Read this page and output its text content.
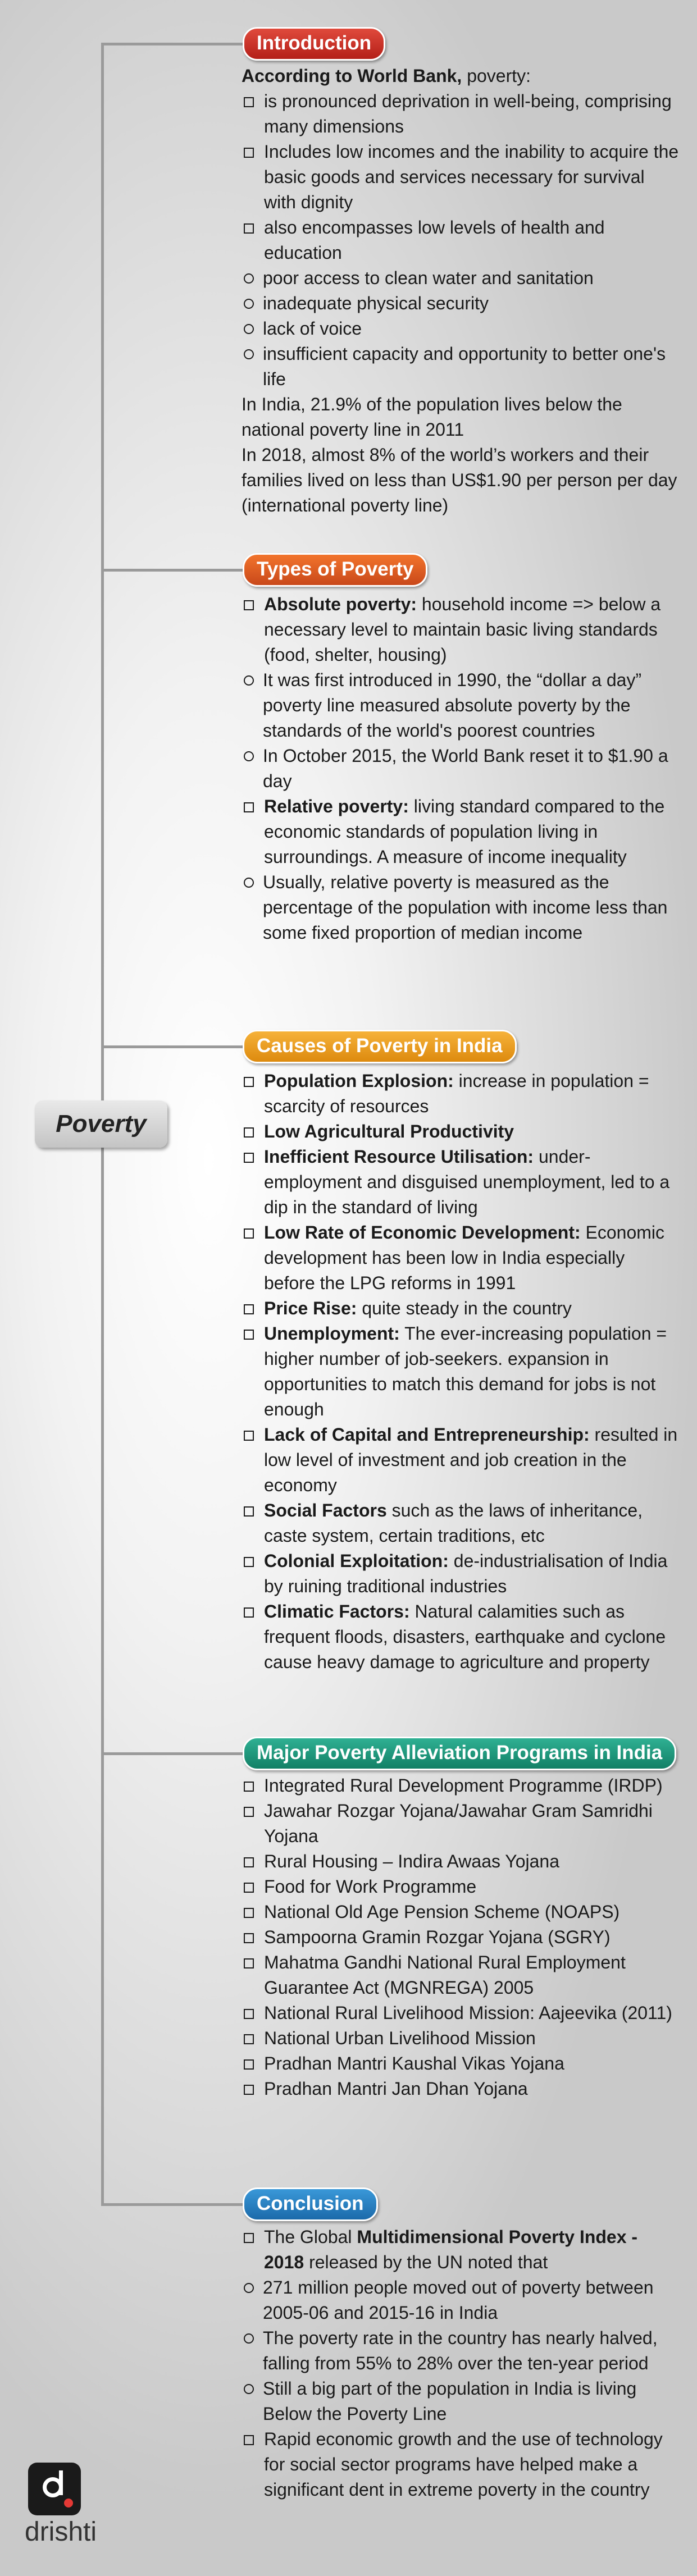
Poverty
Introduction

According to World Bank, poverty:

is pronounced deprivation in well-being, comprising many dimensions

Includes low incomes and the inability to acquire the basic goods and services necessary for survival with dignity

also encompasses low levels of health and education

poor access to clean water and sanitation

inadequate physical security

lack of voice

insufficient capacity and opportunity to better one's life

In India, 21.9% of the population lives below the national poverty line in 2011

In 2018, almost 8% of the world’s workers and their families lived on less than US$1.90 per person per day (international poverty line)

Types of Poverty

Absolute poverty: household income => below a necessary level to maintain basic living standards (food, shelter, housing)

It was first introduced in 1990, the “dollar a day” poverty line measured absolute poverty by the standards of the world's poorest countries

In October 2015, the World Bank reset it to $1.90 a day

Relative poverty: living standard compared to the economic standards of population living in surroundings. A measure of income inequality

Usually, relative poverty is measured as the percentage of the population with income less than some fixed proportion of median income

Causes of Poverty in India

Population Explosion: increase in population = scarcity of resources

Low Agricultural Productivity

Inefficient Resource Utilisation: under-employment and disguised unemployment, led to a dip in the standard of living

Low Rate of Economic Development: Economic development has been low in India especially before the LPG reforms in 1991

Price Rise: quite steady in the country

Unemployment: The ever-increasing population = higher number of job-seekers. expansion in opportunities to match this demand for jobs is not enough

Lack of Capital and Entrepreneurship: resulted in low level of investment and job creation in the economy

Social Factors such as the laws of inheritance, caste system, certain traditions, etc

Colonial Exploitation: de-industrialisation of India by ruining traditional industries

Climatic Factors: Natural calamities such as frequent floods, disasters, earthquake and cyclone cause heavy damage to agriculture and property

Major Poverty Alleviation Programs in India

Integrated Rural Development Programme (IRDP)

Jawahar Rozgar Yojana/Jawahar Gram Samridhi Yojana

Rural Housing – Indira Awaas Yojana

Food for Work Programme

National Old Age Pension Scheme (NOAPS)

Sampoorna Gramin Rozgar Yojana (SGRY)

Mahatma Gandhi National Rural Employment Guarantee Act (MGNREGA) 2005

National Rural Livelihood Mission: Aajeevika (2011)

National Urban Livelihood Mission

Pradhan Mantri Kaushal Vikas Yojana

Pradhan Mantri Jan Dhan Yojana

Conclusion

The Global Multidimensional Poverty Index - 2018 released by the UN noted that

271 million people moved out of poverty between 2005-06 and 2015-16 in India

The poverty rate in the country has nearly halved, falling from 55% to 28% over the ten-year period

Still a big part of the population in India is living Below the Poverty Line

Rapid economic growth and the use of technology for social sector programs have helped make a significant dent in extreme poverty in the country

drishti
